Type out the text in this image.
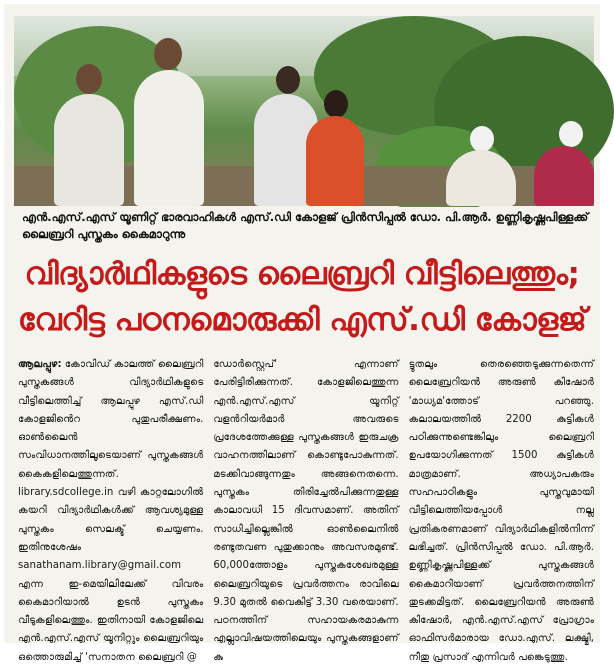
എൻ.എസ്.എസ് യൂണിറ്റ് ഭാരവാഹികൾ എസ്.ഡി കോളജ് പ്രിൻസിപ്പൽ ഡോ. പി.ആർ. ഉണ്ണികൃഷ്ണപിള്ളക്ക് ലൈബ്രറി പുസ്തകം കൈമാറുന്നു
വിദ്യാർഥികളുടെ ലൈബ്രറി വീട്ടിലെത്തും;
വേറിട്ട പഠനമൊരുക്കി എസ്.ഡി കോളജ്

ആലപ്പുഴ: കോവിഡ് കാലത്ത് ലൈബ്രറി പുസ്തകങ്ങൾ വിദ്യാർഥികളുടെ വീട്ടിലെത്തിച്ച് ആലപ്പുഴ എസ്.ഡി കോളജിൻെറ പുതുപരീക്ഷണം. ഓൺലൈൻ സംവിധാനത്തിലൂടെയാണ് പുസ്തകങ്ങൾ കൈകളിലെത്തുന്നത്. library.sdcollege.in വഴി കാറ്റലോഗിൽ കയറി വിദ്യാർഥികൾക്ക് ആവശ്യമുള്ള പുസ്തകം സെലക്ട് ചെയ്യണം. ഇതിനുശേഷം sanathanam.library@gmail.com എന്ന ഇ-മെയിലിലേക്ക് വിവരം കൈമാറിയാൽ ഉടൻ പുസ്തകം വീടുകളിലെത്തും. ഇതിനായി കോളജിലെ എൻ.എസ്.എസ് യൂനിറ്റും ലൈബ്രറിയും ഒത്തൊരുമിച്ച് 'സനാതന ലൈബ്രറി @

ഡോർസ്റ്റെപ്' എന്നാണ് പേരിട്ടിരിക്കുന്നത്. കോളജിലെത്തുന്ന എൻ.എസ്.എസ് യൂനിറ്റ് വളൻറിയർമാർ അവരുടെ പ്രദേശത്തേക്കുള്ള പുസ്തകങ്ങൾ ഇരുചക്ര വാഹനത്തിലാണ് കൊണ്ടുപോകുന്നത്. മടക്കിവാങ്ങുന്നതും അങ്ങനെതന്നെ. പുസ്തകം തിരിച്ചേൽപിക്കുന്നതുള്ള കാലാവധി 15 ദിവസമാണ്. അതിന് സാധിച്ചില്ലെങ്കിൽ ഓൺലൈനിൽ രണ്ടുതവണ പുതുക്കാനും അവസരമുണ്ട്. 60,000ത്തോളം പുസ്തകശേഖരമുള്ള ലൈബ്രറിയുടെ പ്രവർത്തനം രാവിലെ 9.30 മുതൽ വൈകിട്ട് 3.30 വരെയാണ്. പഠനത്തിന് സഹായകരമാകുന്ന എല്ലാവിഷയത്തിലെയും പുസ്തകങ്ങളാണ് കു

ട്ടുതലും തെരഞ്ഞെടുക്കുന്നതെന്ന് ലൈബ്രേറിയൻ അരുൺ കിഷോർ 'മാധ്യമ'ത്തോട് പറഞ്ഞു. കലാലയത്തിൽ 2200 കുട്ടികൾ പഠിക്കുന്നുണ്ടെങ്കിലും ലൈബ്രറി ഉപയോഗിക്കുന്നത് 1500 കുട്ടികൾ മാത്രമാണ്. അധ്യാപകരും സഹപാഠികളും പുസ്തവുമായി വീട്ടിലെത്തിയപ്പോൾ നല്ല പ്രതികരണമാണ് വിദ്യാർഥികളിൽനിന്ന് ലഭിച്ചത്. പ്രിൻസിപ്പൽ ഡോ. പി.ആർ. ഉണ്ണികൃഷ്ണപിള്ളക്ക് പുസ്തകങ്ങൾ കൈമാറിയാണ് പ്രവർത്തനത്തിന് തുടക്കമിട്ടത്. ലൈബ്രേറിയൻ അരുൺ കിഷോർ, എൻ.എസ്.എസ് പ്രോഗ്രാം ഓഫിസർമാരായ ഡോ.എസ്. ലക്ഷ്മി, നീതു പ്രസാദ് എന്നിവർ പങ്കെടുത്തു.
